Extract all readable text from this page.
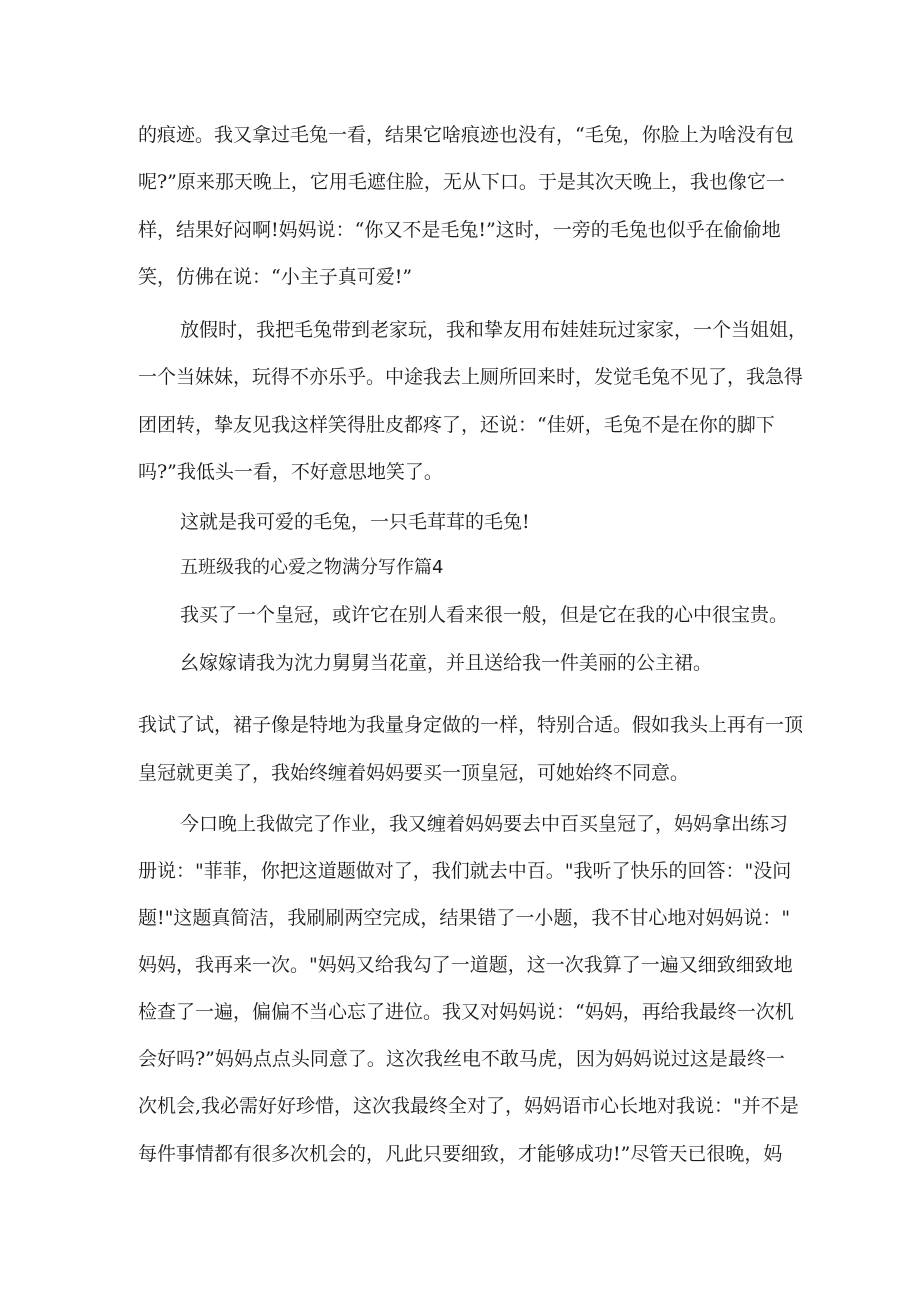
的痕迹。我又拿过毛兔一看，结果它啥痕迹也没有，“毛兔，你脸上为啥没有包
呢?”原来那天晚上，它用毛遮住脸，无从下口。于是其次天晚上，我也像它一
样，结果好闷啊!妈妈说：“你又不是毛兔!”这时，一旁的毛兔也似乎在偷偷地
笑，仿佛在说：“小主子真可爱!”
放假时，我把毛兔带到老家玩，我和挚友用布娃娃玩过家家，一个当姐姐，
一个当妹妹，玩得不亦乐乎。中途我去上厕所回来时，发觉毛兔不见了，我急得
团团转，挚友见我这样笑得肚皮都疼了，还说：“佳妍，毛兔不是在你的脚下
吗?”我低头一看，不好意思地笑了。
这就是我可爱的毛兔，一只毛茸茸的毛兔!
五班级我的心爱之物满分写作篇4
我买了一个皇冠，或许它在别人看来很一般，但是它在我的心中很宝贵。
幺嫁嫁请我为沈力舅舅当花童，并且送给我一件美丽的公主裙。
我试了试，裙子像是特地为我量身定做的一样，特别合适。假如我头上再有一顶
皇冠就更美了，我始终缠着妈妈要买一顶皇冠，可她始终不同意。
今口晚上我做完了作业，我又缠着妈妈要去中百买皇冠了，妈妈拿出练习
册说："菲菲，你把这道题做对了，我们就去中百。"我听了快乐的回答："没问
题!"这题真简洁，我刷刷两空完成，结果错了一小题，我不甘心地对妈妈说："
妈妈，我再来一次。"妈妈又给我勾了一道题，这一次我算了一遍又细致细致地
检查了一遍，偏偏不当心忘了进位。我又对妈妈说：“妈妈，再给我最终一次机
会好吗?”妈妈点点头同意了。这次我丝电不敢马虎，因为妈妈说过这是最终一
次机会,我必需好好珍惜，这次我最终全对了，妈妈语市心长地对我说："并不是
每件事情都有很多次机会的，凡此只要细致，才能够成功!”尽管天已很晚，妈
